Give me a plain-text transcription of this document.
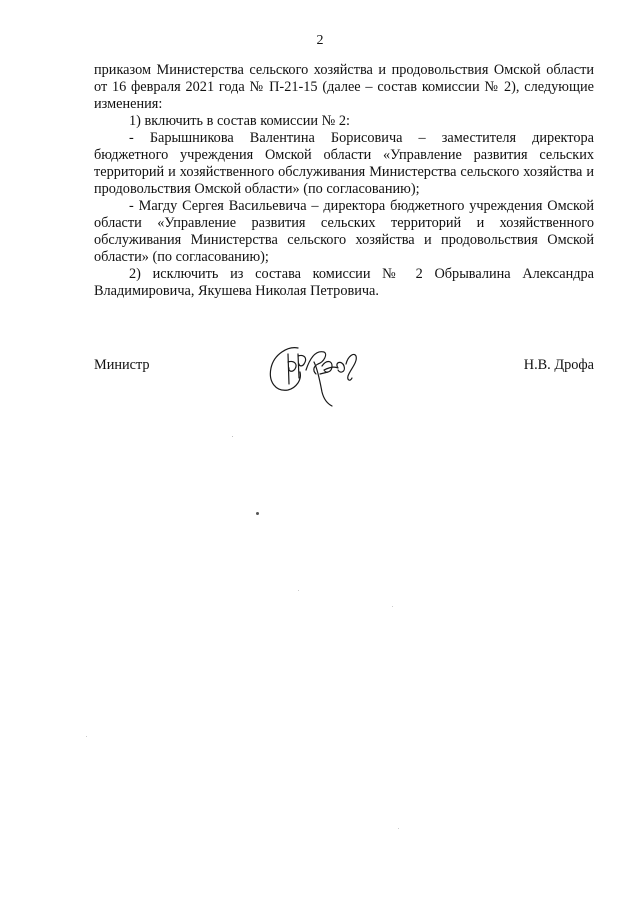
2

приказом Министерства сельского хозяйства и продовольствия Омской области от 16 февраля 2021 года № П-21-15 (далее – состав комиссии № 2), следующие изменения:

1) включить в состав комиссии № 2:

- Барышникова Валентина Борисовича – заместителя директора бюджетного учреждения Омской области «Управление развития сельских территорий и хозяйственного обслуживания Министерства сельского хозяйства и продовольствия Омской области» (по согласованию);

- Магду Сергея Васильевича – директора бюджетного учреждения Омской области «Управление развития сельских территорий и хозяйственного обслуживания Министерства сельского хозяйства и продовольствия Омской области» (по согласованию);

2) исключить из состава комиссии № 2 Обрывалина Александра Владимировича, Якушева Николая Петровича.

Министр	Н.В. Дрофа
